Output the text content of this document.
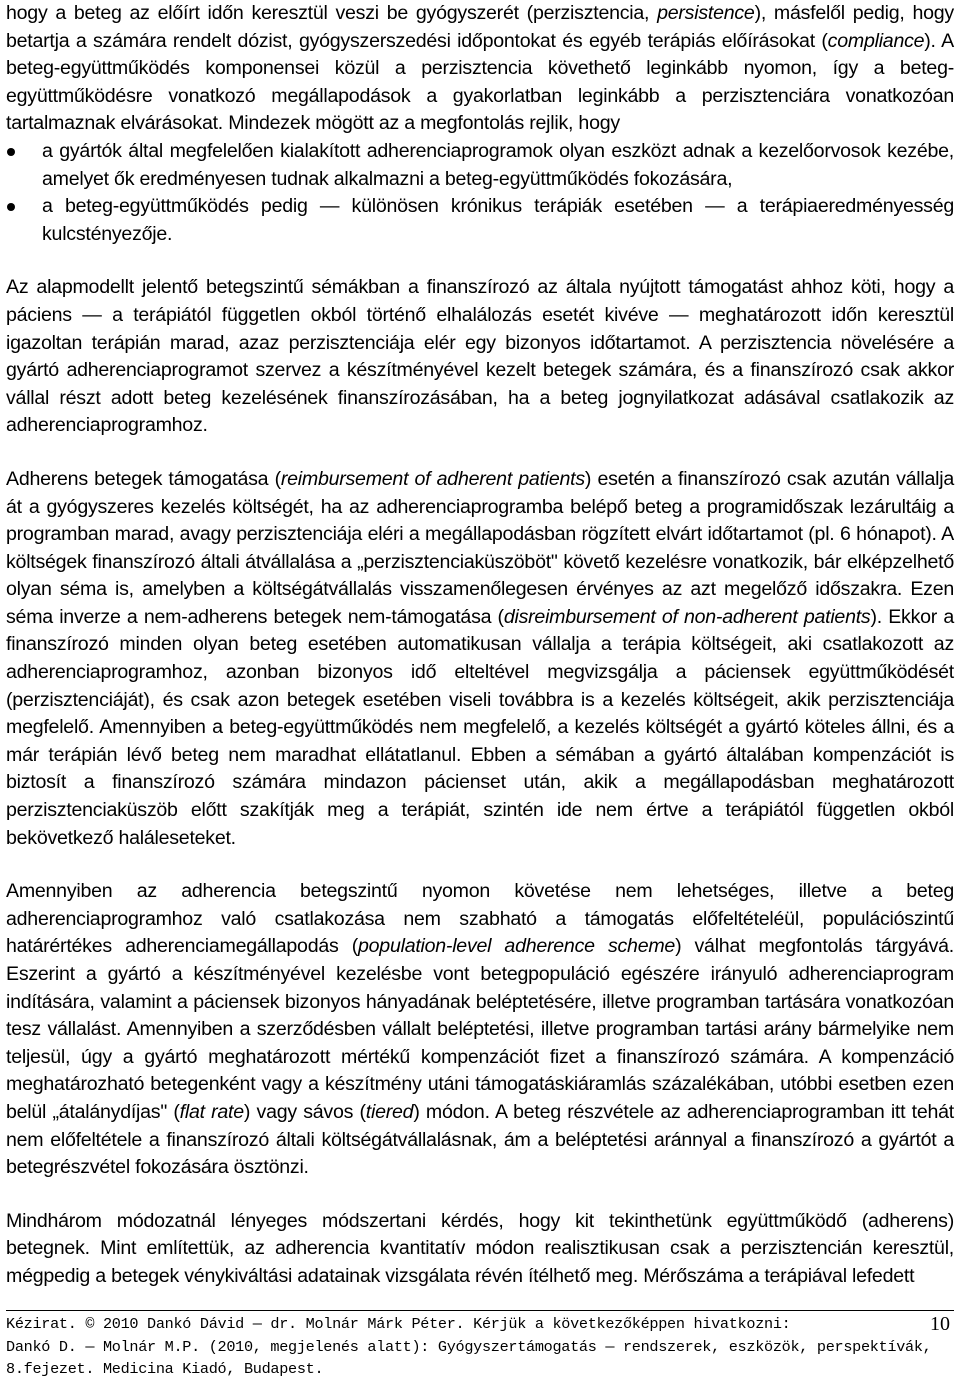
hogy a beteg az előírt időn keresztül veszi be gyógyszerét (perzisztencia, persistence), másfelől pedig, hogy betartja a számára rendelt dózist, gyógyszerszedési időpontokat és egyéb terápiás előírásokat (compliance). A beteg-együttműködés komponensei közül a perzisztencia követhető leginkább nyomon, így a beteg-együttműködésre vonatkozó megállapodások a gyakorlatban leginkább a perzisztenciára vonatkozóan tartalmaznak elvárásokat. Mindezek mögött az a megfontolás rejlik, hogy

a gyártók által megfelelően kialakított adherenciaprogramok olyan eszközt adnak a kezelőorvosok kezébe, amelyet ők eredményesen tudnak alkalmazni a beteg-együttműködés fokozására,
a beteg-együttműködés pedig — különösen krónikus terápiák esetében — a terápiaeredményesség kulcstényezője.

Az alapmodellt jelentő betegszintű sémákban a finanszírozó az általa nyújtott támogatást ahhoz köti, hogy a páciens — a terápiától független okból történő elhalálozás esetét kivéve — meghatározott időn keresztül igazoltan terápián marad, azaz perzisztenciája elér egy bizonyos időtartamot. A perzisztencia növelésére a gyártó adherenciaprogramot szervez a készítményével kezelt betegek számára, és a finanszírozó csak akkor vállal részt adott beteg kezelésének finanszírozásában, ha a beteg jognyilatkozat adásával csatlakozik az adherenciaprogramhoz.

Adherens betegek támogatása (reimbursement of adherent patients) esetén a finanszírozó csak azután vállalja át a gyógyszeres kezelés költségét, ha az adherenciaprogramba belépő beteg a programidőszak lezárultáig a programban marad, avagy perzisztenciája eléri a megállapodásban rögzített elvárt időtartamot (pl. 6 hónapot). A költségek finanszírozó általi átvállalása a „perzisztenciaküszöböt" követő kezelésre vonatkozik, bár elképzelhető olyan séma is, amelyben a költségátvállalás visszamenőlegesen érvényes az azt megelőző időszakra. Ezen séma inverze a nem-adherens betegek nem-támogatása (disreimbursement of non-adherent patients). Ekkor a finanszírozó minden olyan beteg esetében automatikusan vállalja a terápia költségeit, aki csatlakozott az adherenciaprogramhoz, azonban bizonyos idő elteltével megvizsgálja a páciensek együttműködését (perzisztenciáját), és csak azon betegek esetében viseli továbbra is a kezelés költségeit, akik perzisztenciája megfelelő. Amennyiben a beteg-együttműködés nem megfelelő, a kezelés költségét a gyártó köteles állni, és a már terápián lévő beteg nem maradhat ellátatlanul. Ebben a sémában a gyártó általában kompenzációt is biztosít a finanszírozó számára mindazon pácienset után, akik a megállapodásban meghatározott perzisztenciaküszöb előtt szakítják meg a terápiát, szintén ide nem értve a terápiától független okból bekövetkező haláleseteket.

Amennyiben az adherencia betegszintű nyomon követése nem lehetséges, illetve a beteg adherenciaprogramhoz való csatlakozása nem szabható a támogatás előfeltételéül, populációszintű határértékes adherenciamegállapodás (population-level adherence scheme) válhat megfontolás tárgyává. Eszerint a gyártó a készítményével kezelésbe vont betegpopuláció egészére irányuló adherenciaprogram indítására, valamint a páciensek bizonyos hányadának beléptetésére, illetve programban tartására vonatkozóan tesz vállalást. Amennyiben a szerződésben vállalt beléptetési, illetve programban tartási arány bármelyike nem teljesül, úgy a gyártó meghatározott mértékű kompenzációt fizet a finanszírozó számára. A kompenzáció meghatározható betegenként vagy a készítmény utáni támogatáskiáramlás százalékában, utóbbi esetben ezen belül „átalánydíjas" (flat rate) vagy sávos (tiered) módon. A beteg részvétele az adherenciaprogramban itt tehát nem előfeltétele a finanszírozó általi költségátvállalásnak, ám a beléptetési aránnyal a finanszírozó a gyártót a betegrészvétel fokozására ösztönzi.

Mindhárom módozatnál lényeges módszertani kérdés, hogy kit tekinthetünk együttműködő (adherens) betegnek. Mint említettük, az adherencia kvantitatív módon realisztikusan csak a perzisztencián keresztül, mégpedig a betegek vénykiváltási adatainak vizsgálata révén ítélhető meg. Mérőszáma a terápiával lefedett

Kézirat. © 2010 Dankó Dávid — dr. Molnár Márk Péter. Kérjük a következőképpen hivatkozni:
Dankó D. — Molnár M.P. (2010, megjelenés alatt): Gyógyszertámogatás — rendszerek, eszközök, perspektívák,
8.fejezet. Medicina Kiadó, Budapest.
10
